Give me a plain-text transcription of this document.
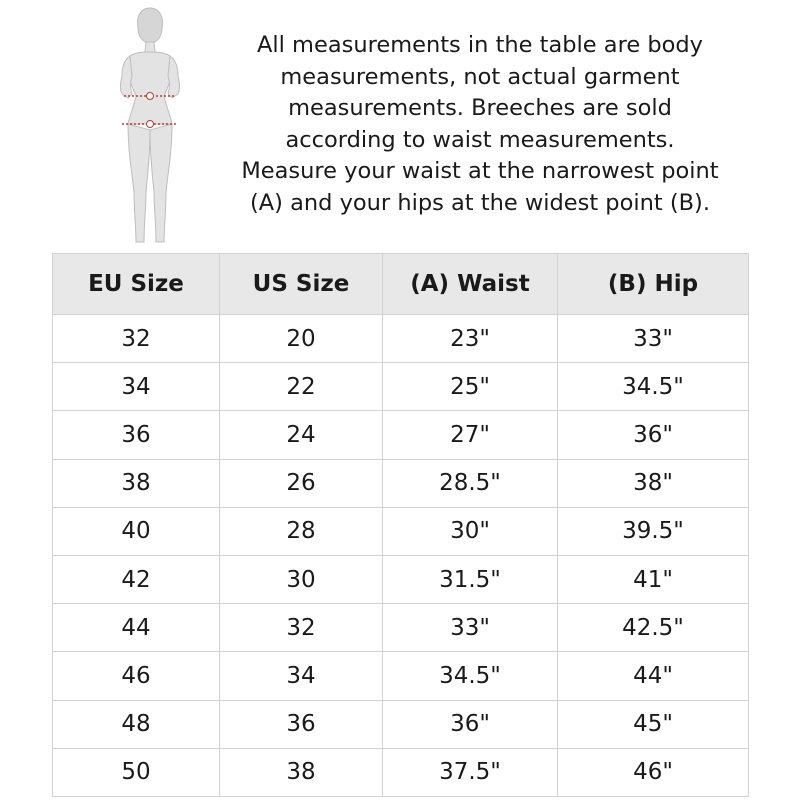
All measurements in the table are body
measurements, not actual garment
measurements. Breeches are sold
according to waist measurements.
Measure your waist at the narrowest point
(A) and your hips at the widest point (B).

EU Size	US Size	(A) Waist	(B) Hip
32	20	23"	33"
34	22	25"	34.5"
36	24	27"	36"
38	26	28.5"	38"
40	28	30"	39.5"
42	30	31.5"	41"
44	32	33"	42.5"
46	34	34.5"	44"
48	36	36"	45"
50	38	37.5"	46"
